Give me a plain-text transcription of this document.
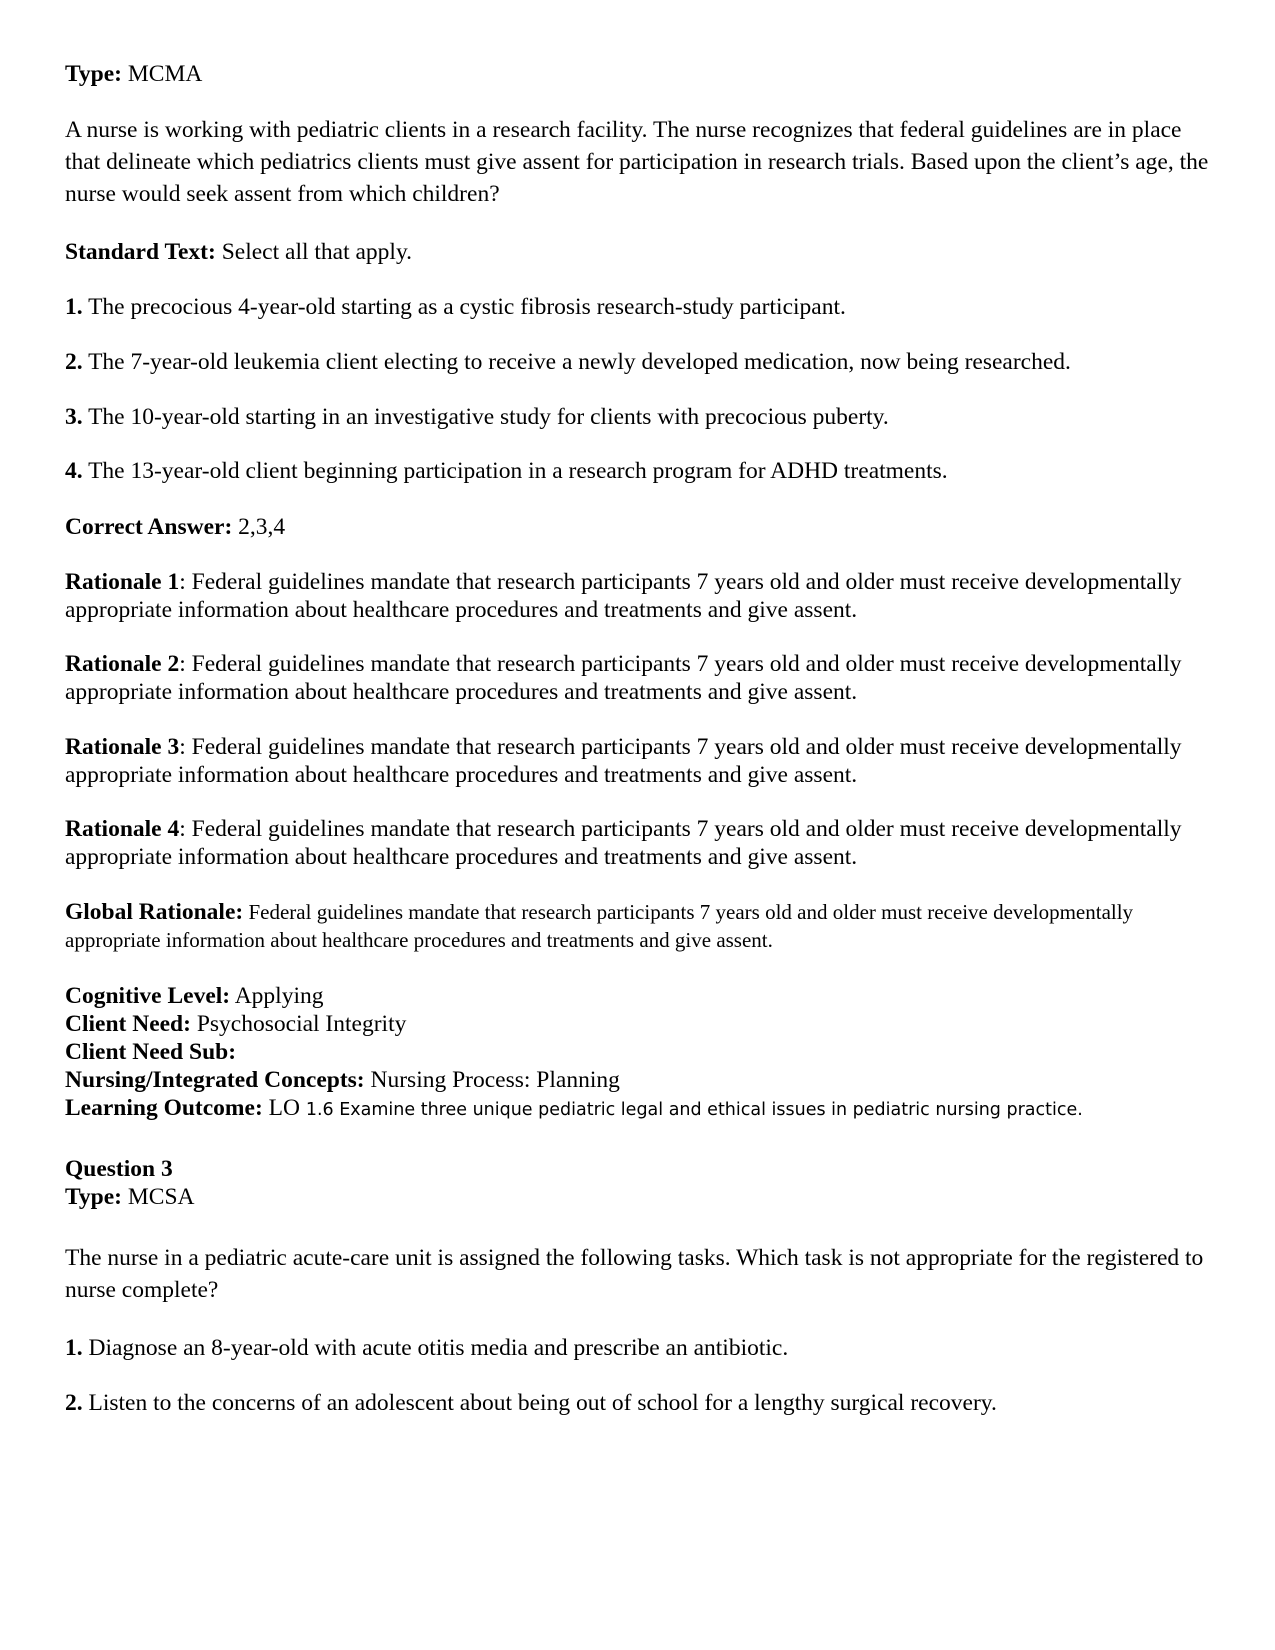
Type: MCMA
A nurse is working with pediatric clients in a research facility. The nurse recognizes that federal guidelines are in place that delineate which pediatrics clients must give assent for participation in research trials. Based upon the client’s age, the nurse would seek assent from which children?
Standard Text: Select all that apply.
1. The precocious 4-year-old starting as a cystic fibrosis research-study participant.
2. The 7-year-old leukemia client electing to receive a newly developed medication, now being researched.
3. The 10-year-old starting in an investigative study for clients with precocious puberty.
4. The 13-year-old client beginning participation in a research program for ADHD treatments.
Correct Answer: 2,3,4
Rationale 1: Federal guidelines mandate that research participants 7 years old and older must receive developmentally appropriate information about healthcare procedures and treatments and give assent.
Rationale 2: Federal guidelines mandate that research participants 7 years old and older must receive developmentally appropriate information about healthcare procedures and treatments and give assent.
Rationale 3: Federal guidelines mandate that research participants 7 years old and older must receive developmentally appropriate information about healthcare procedures and treatments and give assent.
Rationale 4: Federal guidelines mandate that research participants 7 years old and older must receive developmentally appropriate information about healthcare procedures and treatments and give assent.
Global Rationale: Federal guidelines mandate that research participants 7 years old and older must receive developmentally appropriate information about healthcare procedures and treatments and give assent.
Cognitive Level: Applying
Client Need: Psychosocial Integrity
Client Need Sub:
Nursing/Integrated Concepts: Nursing Process: Planning
Learning Outcome: LO 1.6 Examine three unique pediatric legal and ethical issues in pediatric nursing practice.
Question 3
Type: MCSA
The nurse in a pediatric acute-care unit is assigned the following tasks. Which task is not appropriate for the registered to nurse complete?
1. Diagnose an 8-year-old with acute otitis media and prescribe an antibiotic.
2. Listen to the concerns of an adolescent about being out of school for a lengthy surgical recovery.
